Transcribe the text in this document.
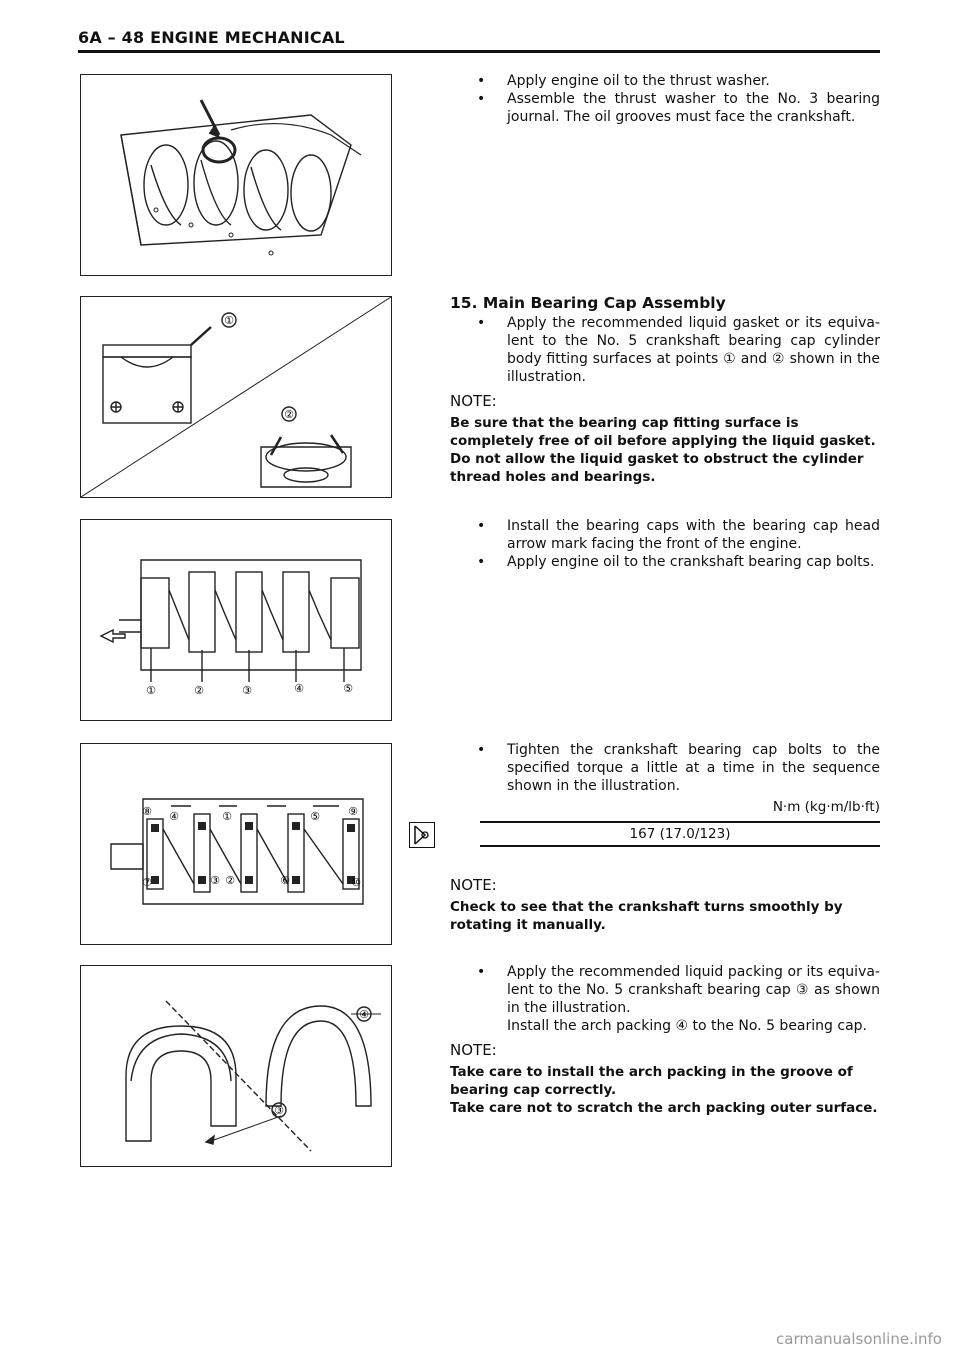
6A – 48 ENGINE MECHANICAL
• Apply engine oil to the thrust washer.
• Assemble the thrust washer to the No. 3 bearing journal. The oil grooves must face the crankshaft.
①
②
15. Main Bearing Cap Assembly
• Apply the recommended liquid gasket or its equiva-lent to the No. 5 crankshaft bearing cap cylinder body fitting surfaces at points ① and ② shown in the illustration.
NOTE:

Be sure that the bearing cap fitting surface is completely free of oil before applying the liquid gasket.

Do not allow the liquid gasket to obstruct the cylinder thread holes and bearings.

①	②	③	④	⑤
• Install the bearing caps with the bearing cap head arrow mark facing the front of the engine.
• Apply engine oil to the crankshaft bearing cap bolts.
⑧ ④	①	⑤	⑨
⑦	③ ②	⑥	⑩
• Tighten the crankshaft bearing cap bolts to the specified torque a little at a time in the sequence shown in the illustration.
N·m (kg·m/lb·ft)
167 (17.0/123)
NOTE:

Check to see that the crankshaft turns smoothly by rotating it manually.

④
③
• Apply the recommended liquid packing or its equiva-lent to the No. 5 crankshaft bearing cap ③ as shown in the illustration.
Install the arch packing ④ to the No. 5 bearing cap.
NOTE:

Take care to install the arch packing in the groove of bearing cap correctly.

Take care not to scratch the arch packing outer surface.

carmanualsonline.info
